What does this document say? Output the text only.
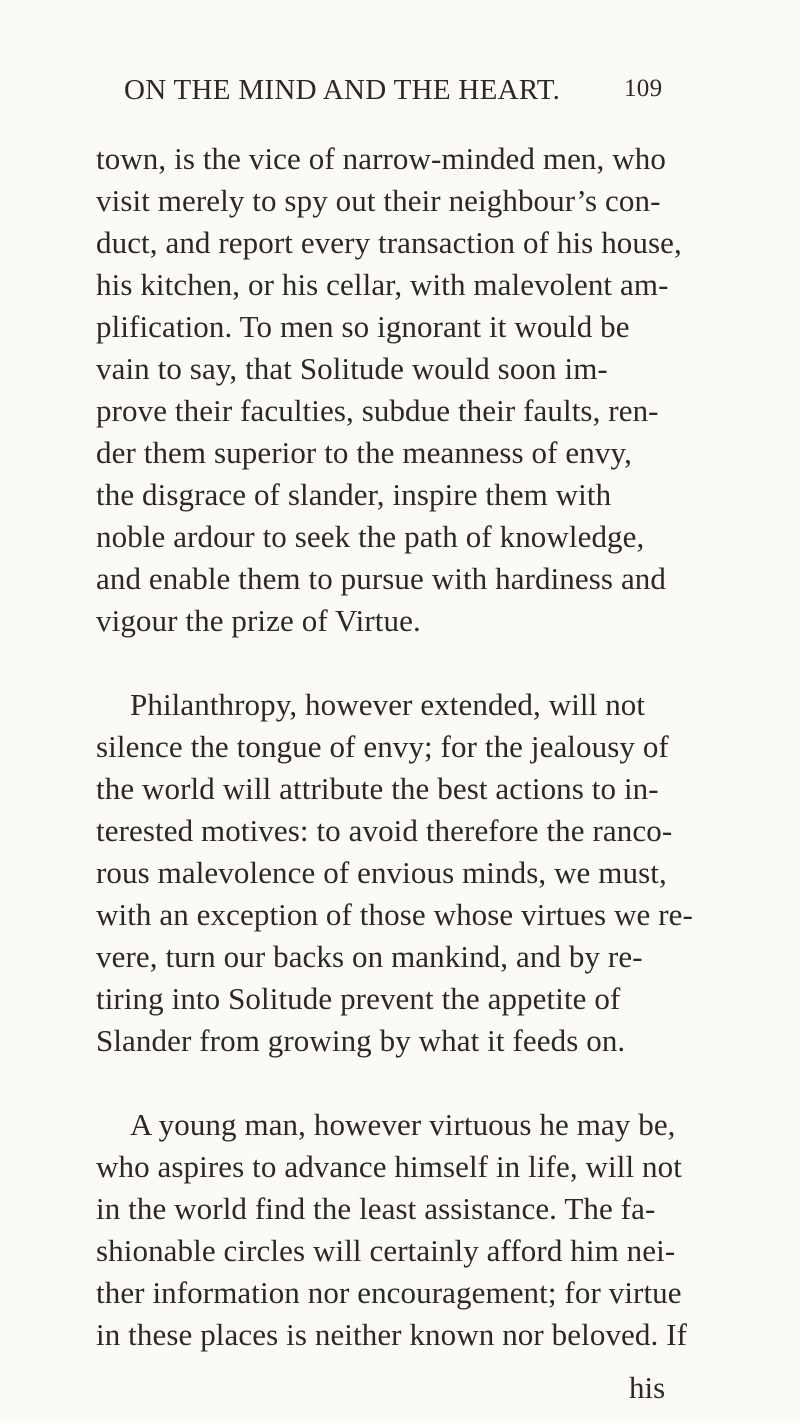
ON THE MIND AND THE HEART.	109
town, is the vice of narrow-minded men, who
visit merely to spy out their neighbour’s con-
duct, and report every transaction of his house,
his kitchen, or his cellar, with malevolent am-
plification. To men so ignorant it would be
vain to say, that Solitude would soon im-
prove their faculties, subdue their faults, ren-
der them superior to the meanness of envy,
the disgrace of slander, inspire them with
noble ardour to seek the path of knowledge,
and enable them to pursue with hardiness and
vigour the prize of Virtue.
Philanthropy, however extended, will not
silence the tongue of envy; for the jealousy of
the world will attribute the best actions to in-
terested motives: to avoid therefore the ranco-
rous malevolence of envious minds, we must,
with an exception of those whose virtues we re-
vere, turn our backs on mankind, and by re-
tiring into Solitude prevent the appetite of
Slander from growing by what it feeds on.
A young man, however virtuous he may be,
who aspires to advance himself in life, will not
in the world find the least assistance. The fa-
shionable circles will certainly afford him nei-
ther information nor encouragement; for virtue
in these places is neither known nor beloved. If
his
